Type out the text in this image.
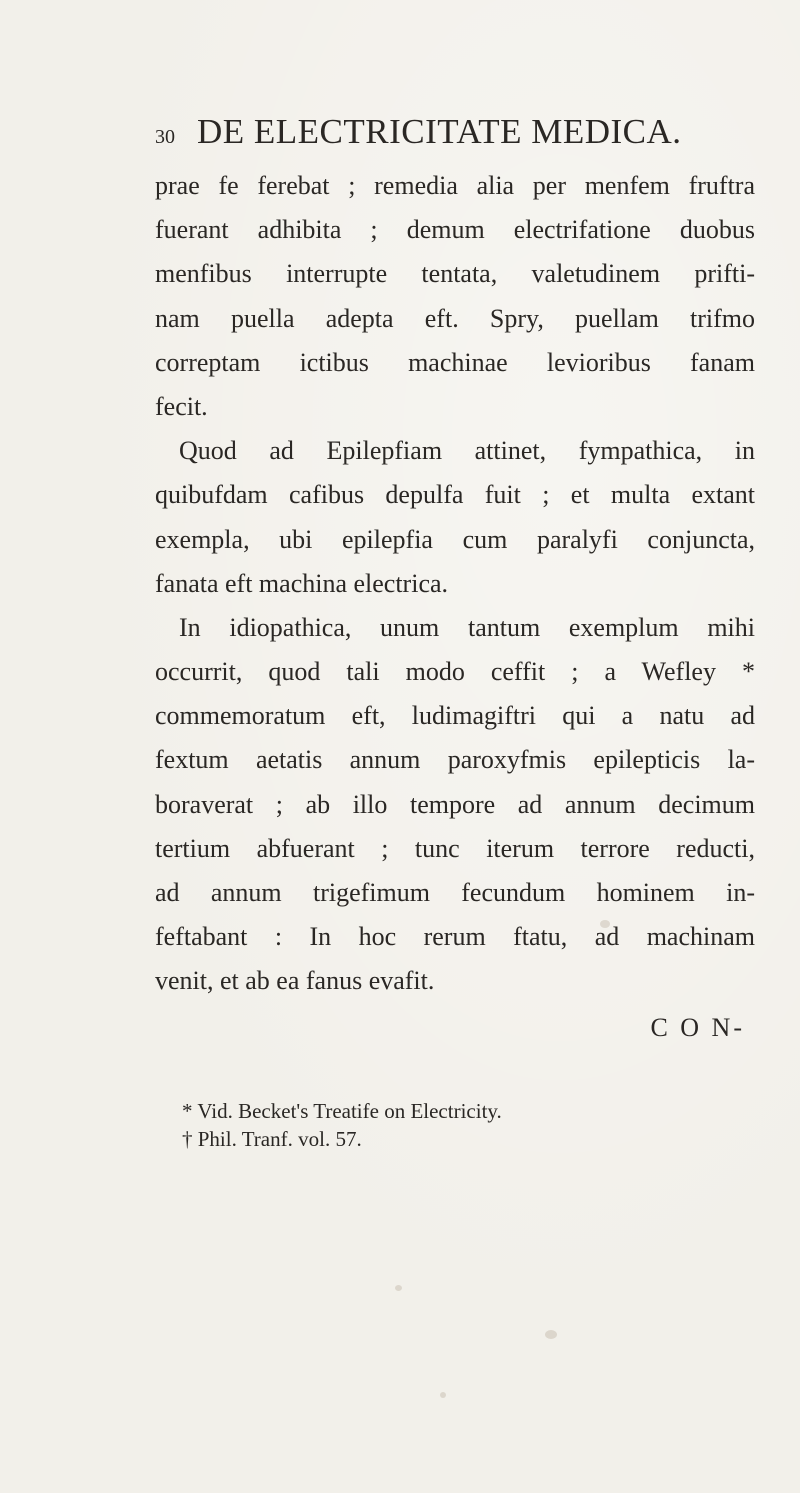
30 DE ELECTRICITATE MEDICA.
prae fe ferebat ; remedia alia per menfem fruftra
fuerant adhibita ; demum electrifatione duobus
menfibus interrupte tentata, valetudinem prifti-
nam puella adepta eft. Spry, puellam trifmo
correptam ictibus machinae levioribus fanam
fecit.
Quod ad Epilepfiam attinet, fympathica, in
quibufdam cafibus depulfa fuit ; et multa extant
exempla, ubi epilepfia cum paralyfi conjuncta,
fanata eft machina electrica.
In idiopathica, unum tantum exemplum mihi
occurrit, quod tali modo ceffit ; a Wefley *
commemoratum eft, ludimagiftri qui a natu ad
fextum aetatis annum paroxyfmis epilepticis la-
boraverat ; ab illo tempore ad annum decimum
tertium abfuerant ; tunc iterum terrore reducti,
ad annum trigefimum fecundum hominem in-
feftabant : In hoc rerum ftatu, ad machinam
venit, et ab ea fanus evafit.
C O N-
* Vid. Becket's Treatife on Electricity.
† Phil. Tranf. vol. 57.
